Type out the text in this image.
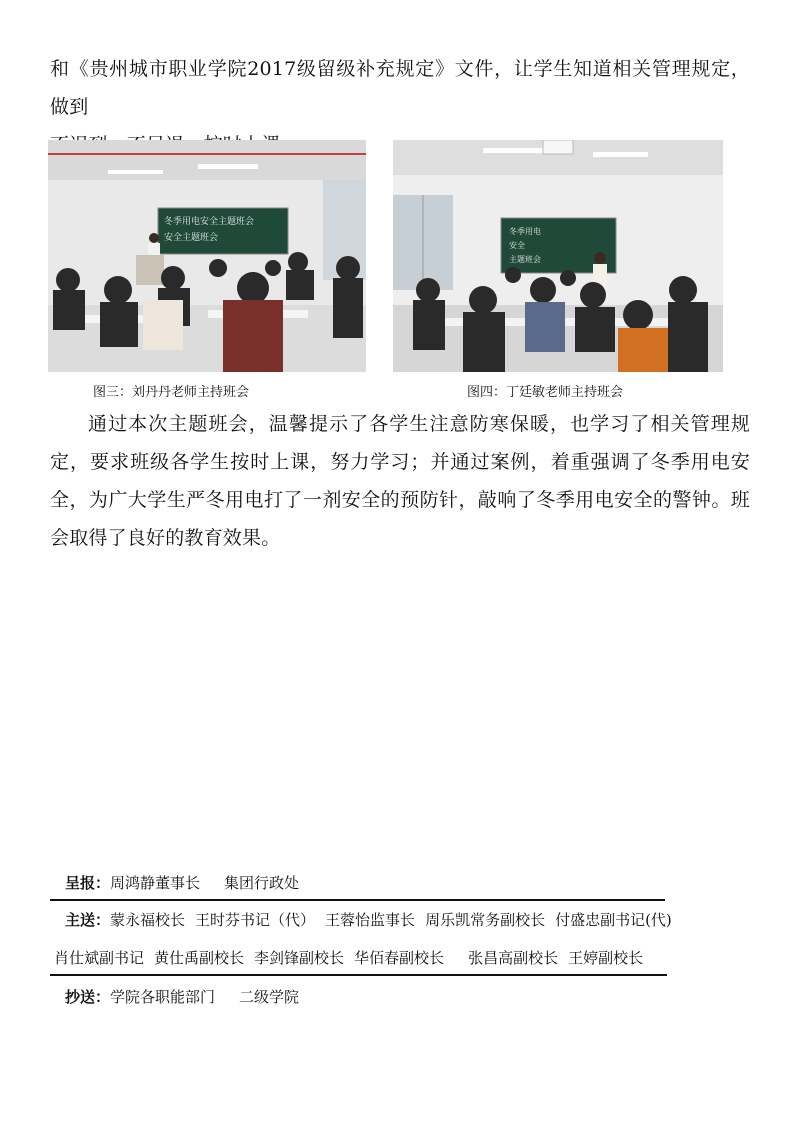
和《贵州城市职业学院2017级留级补充规定》文件，让学生知道相关管理规定，做到

冬季用电安全主题班会
安全主题班会
冬季用电
安全
主题班会
图三：刘丹丹老师主持班会	图四：丁廷敏老师主持班会

通过本次主题班会，温馨提示了各学生注意防寒保暖，也学习了相关管理规定，要求班级各学生按时上课，努力学习；并通过案例，着重强调了冬季用电安全，为广大学生严冬用电打了一剂安全的预防针，敲响了冬季用电安全的警钟。班会取得了良好的教育效果。

呈报：周鸿静董事长 集团行政处
主送：蒙永福校长 王时芬书记（代） 王蓉怡监事长 周乐凯常务副校长 付盛忠副书记(代)
肖仕斌副书记 黄仕禹副校长 李剑锋副校长 华佰春副校长 张昌高副校长 王婷副校长
抄送：学院各职能部门 二级学院
